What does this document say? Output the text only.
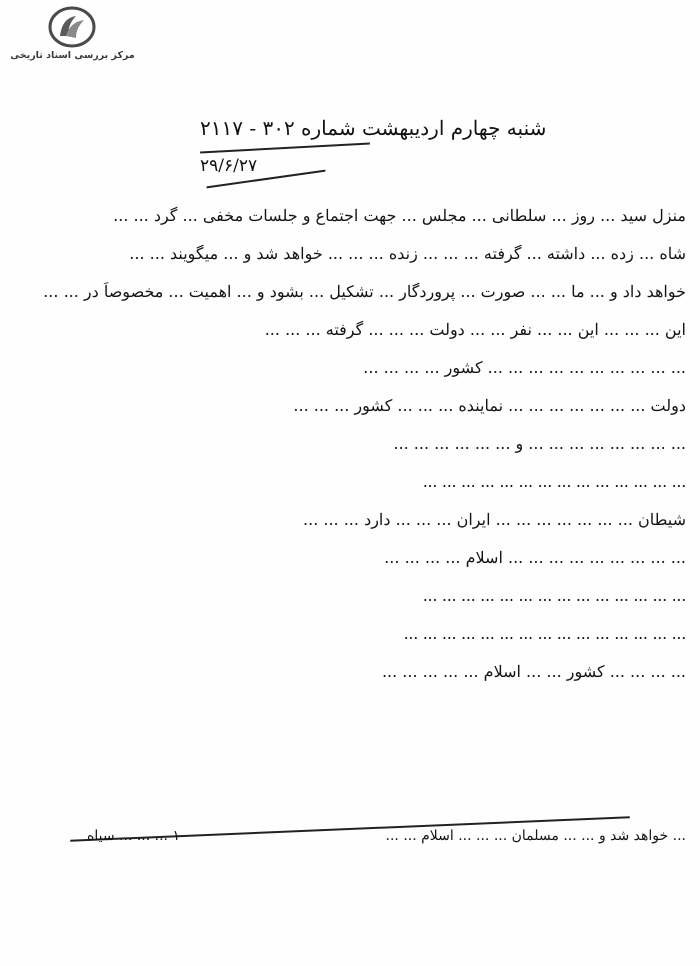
مرکز بررسی اسناد تاریخی
شنبه چهارم اردیبهشت شماره ۳۰۲ - ۲۱۱۷
۲۹/۶/۲۷
منزل سید ... روز ... سلطانی ... مجلس ... جهت اجتماع و جلسات مخفی ... گرد ... ...
شاه ... زده ... داشته ... گرفته ... ... ... زنده ... ... ... خواهد شد و ... میگویند ... ...
خواهد داد و ... ما ... ... صورت ... پروردگار ... تشکیل ... بشود و ... اهمیت ... مخصوصاً در ... ...
این ... ... ... این ... ... نفر ... ... دولت ... ... ... گرفته ... ... ...
... ... ... ... ... ... ... ... ... ... کشور ... ... ... ...
دولت ... ... ... ... ... ... ... نماینده ... ... ... کشور ... ... ...
... ... ... ... ... ... ... ... و ... ... ... ... ... ...
... ... ... ... ... ... ... ... ... ... ... ... ... ...
شیطان ... ... ... ... ... ... ... ایران ... ... ... دارد ... ... ...
... ... ... ... ... ... ... ... ... اسلام ... ... ... ...
... ... ... ... ... ... ... ... ... ... ... ... ... ...
... ... ... ... ... ... ... ... ... ... ... ... ... ... ...
... ... ... ... کشور ... ... اسلام ... ... ... ... ...
... خواهد شد و ... ... مسلمان ... ... ... اسلام ... ...
۱ ... ... ... سیاه
